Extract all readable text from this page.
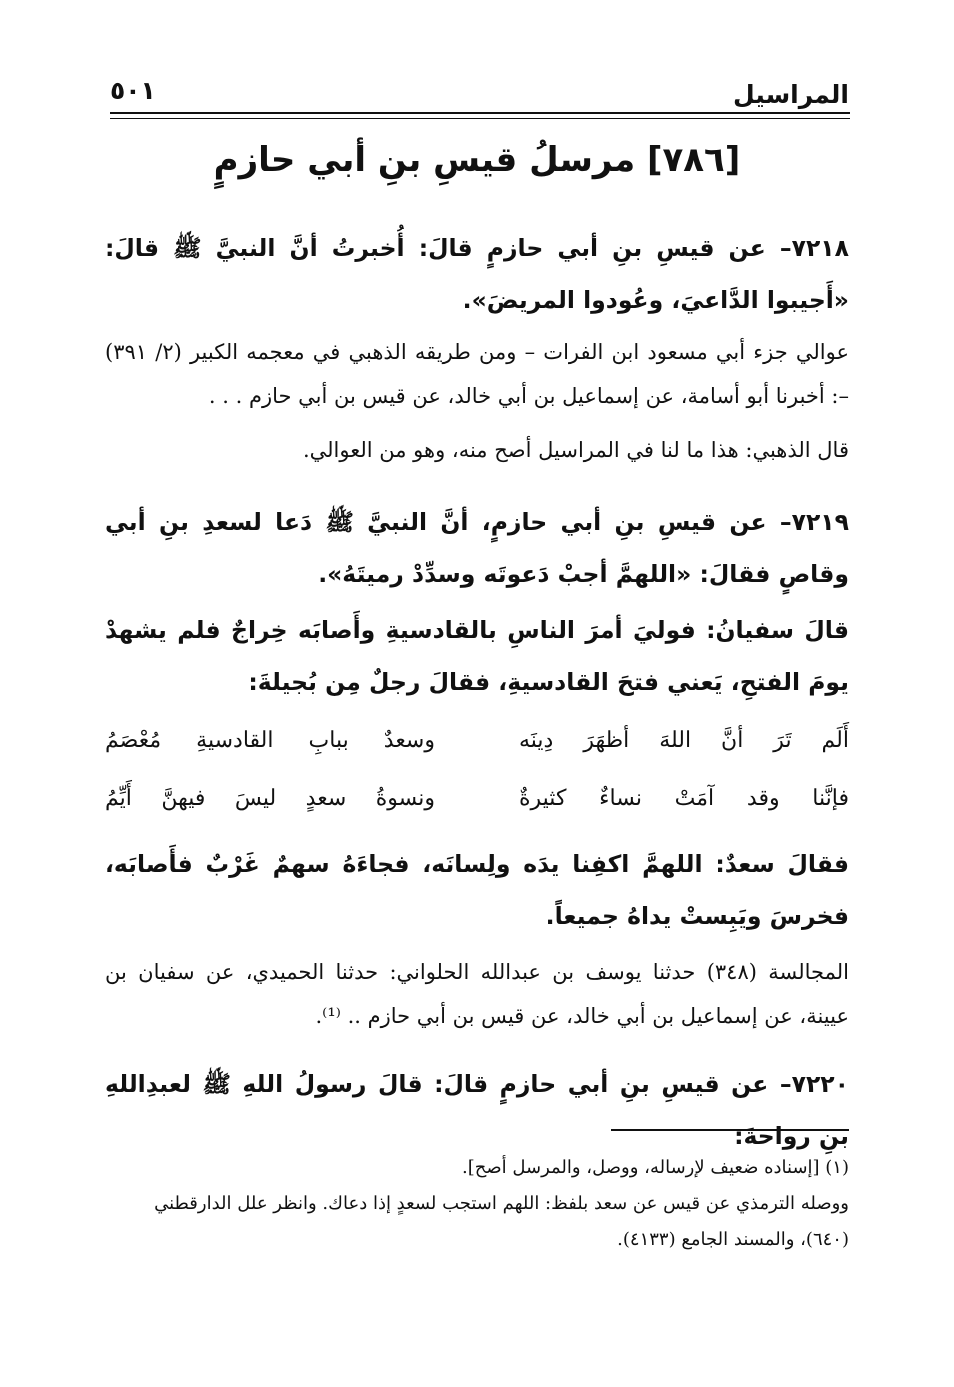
المراسيل
٥٠١
[٧٨٦] مرسلُ قيسِ بنِ أبي حازمٍ
٧٢١٨– عن قيسِ بنِ أبي حازمٍ قالَ: أُخبرتُ أنَّ النبيَّ ﷺ قالَ: «أَجيبوا الدَّاعيَ، وعُودوا المريضَ».
عوالي جزء أبي مسعود ابن الفرات – ومن طريقه الذهبي في معجمه الكبير (٢/ ٣٩١) –: أخبرنا أبو أسامة، عن إسماعيل بن أبي خالد، عن قيس بن أبي حازم . . .
قال الذهبي: هذا ما لنا في المراسيل أصح منه، وهو من العوالي.
٧٢١٩– عن قيسِ بنِ أبي حازمٍ، أنَّ النبيَّ ﷺ دَعا لسعدِ بنِ أبي وقاصٍ فقالَ: «اللهمَّ أجبْ دَعوتَه وسدِّدْ رميتَهُ».
قالَ سفيانُ: فوليَ أمرَ الناسِ بالقادسيةِ وأَصابَه خِراجٌ فلم يشهدْ يومَ الفتحِ، يَعني فتحَ القادسيةِ، فقالَ رجلٌ مِن بُجيلةَ:
أَلَم تَرَ أنَّ اللهَ أظهَرَ دِينَه
وسعدٌ ببابِ القادسيةِ مُعْصَمُ
فإنَّنا وقد آمَتْ نساءٌ كثيرةٌ
ونسوةُ سعدٍ ليسَ فيهنَّ أَيِّمُ
فقالَ سعدٌ: اللهمَّ اكفِنا يدَه ولِسانَه، فجاءَهُ سهمٌ غَرْبٌ فأَصابَه، فخرسَ ويَبِستْ يداهُ جميعاً.
المجالسة (٣٤٨) حدثنا يوسف بن عبدالله الحلواني: حدثنا الحميدي، عن سفيان بن عيينة، عن إسماعيل بن أبي خالد، عن قيس بن أبي حازم .. ⁽¹⁾.
٧٢٢٠– عن قيسِ بنِ أبي حازمٍ قالَ: قالَ رسولُ اللهِ ﷺ لعبدِاللهِ بنِ رواحةَ:

(١) [إسناده ضعيف لإرساله، ووصل، والمرسل أصح].

ووصله الترمذي عن قيس عن سعد بلفظ: اللهم استجب لسعدٍ إذا دعاك. وانظر علل الدارقطني (٦٤٠)، والمسند الجامع (٤١٣٣).
